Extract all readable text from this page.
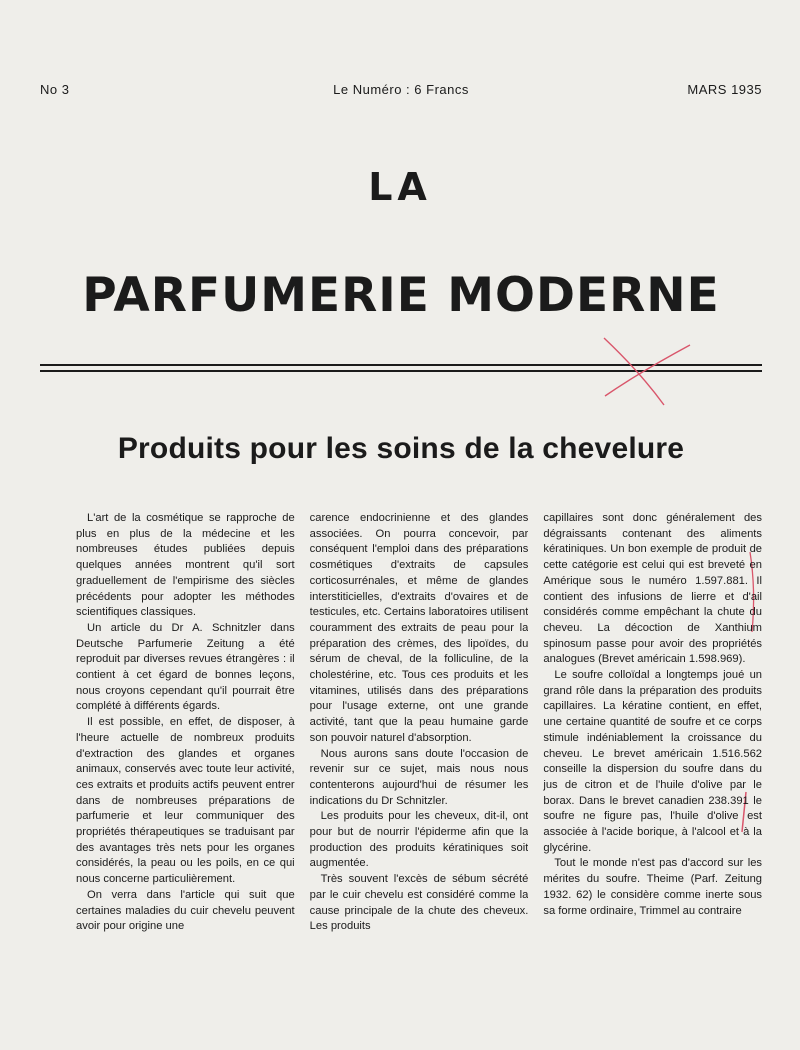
No 3	Le Numéro : 6 Francs	MARS 1935
LA
PARFUMERIE MODERNE
Produits pour les soins de la chevelure

L'art de la cosmétique se rapproche de plus en plus de la médecine et les nombreuses études publiées depuis quelques années montrent qu'il sort graduellement de l'empirisme des siècles précédents pour adopter les méthodes scientifiques classiques.

Un article du Dr A. Schnitzler dans Deutsche Parfumerie Zeitung a été reproduit par diverses revues étrangères : il contient à cet égard de bonnes leçons, nous croyons cependant qu'il pourrait être complété à différents égards.

Il est possible, en effet, de disposer, à l'heure actuelle de nombreux produits d'extraction des glandes et organes animaux, conservés avec toute leur activité, ces extraits et produits actifs peuvent entrer dans de nombreuses préparations de parfumerie et leur communiquer des propriétés thérapeutiques se traduisant par des avantages très nets pour les organes considérés, la peau ou les poils, en ce qui nous concerne particulièrement.

On verra dans l'article qui suit que certaines maladies du cuir chevelu peuvent avoir pour origine une

carence endocrinienne et des glandes associées. On pourra concevoir, par conséquent l'emploi dans des préparations cosmétiques d'extraits de capsules corticosurrénales, et même de glandes interstiticielles, d'extraits d'ovaires et de testicules, etc. Certains laboratoires utilisent couramment des extraits de peau pour la préparation des crèmes, des lipoïdes, du sérum de cheval, de la folliculine, de la cholestérine, etc. Tous ces produits et les vitamines, utilisés dans des préparations pour l'usage externe, ont une grande activité, tant que la peau humaine garde son pouvoir naturel d'absorption.

Nous aurons sans doute l'occasion de revenir sur ce sujet, mais nous nous contenterons aujourd'hui de résumer les indications du Dr Schnitzler.

Les produits pour les cheveux, dit-il, ont pour but de nourrir l'épiderme afin que la production des produits kératiniques soit augmentée.

Très souvent l'excès de sébum sécrété par le cuir chevelu est considéré comme la cause principale de la chute des cheveux. Les produits

capillaires sont donc généralement des dégraissants contenant des aliments kératiniques. Un bon exemple de produit de cette catégorie est celui qui est breveté en Amérique sous le numéro 1.597.881. Il contient des infusions de lierre et d'ail considérés comme empêchant la chute du cheveu. La décoction de Xanthium spinosum passe pour avoir des propriétés analogues (Brevet américain 1.598.969).

Le soufre colloïdal a longtemps joué un grand rôle dans la préparation des produits capillaires. La kératine contient, en effet, une certaine quantité de soufre et ce corps stimule indéniablement la croissance du cheveu. Le brevet américain 1.516.562 conseille la dispersion du soufre dans du jus de citron et de l'huile d'olive par le borax. Dans le brevet canadien 238.391 le soufre ne figure pas, l'huile d'olive est associée à l'acide borique, à l'alcool et à la glycérine.

Tout le monde n'est pas d'accord sur les mérites du soufre. Theime (Parf. Zeitung 1932. 62) le considère comme inerte sous sa forme ordinaire, Trimmel au contraire
